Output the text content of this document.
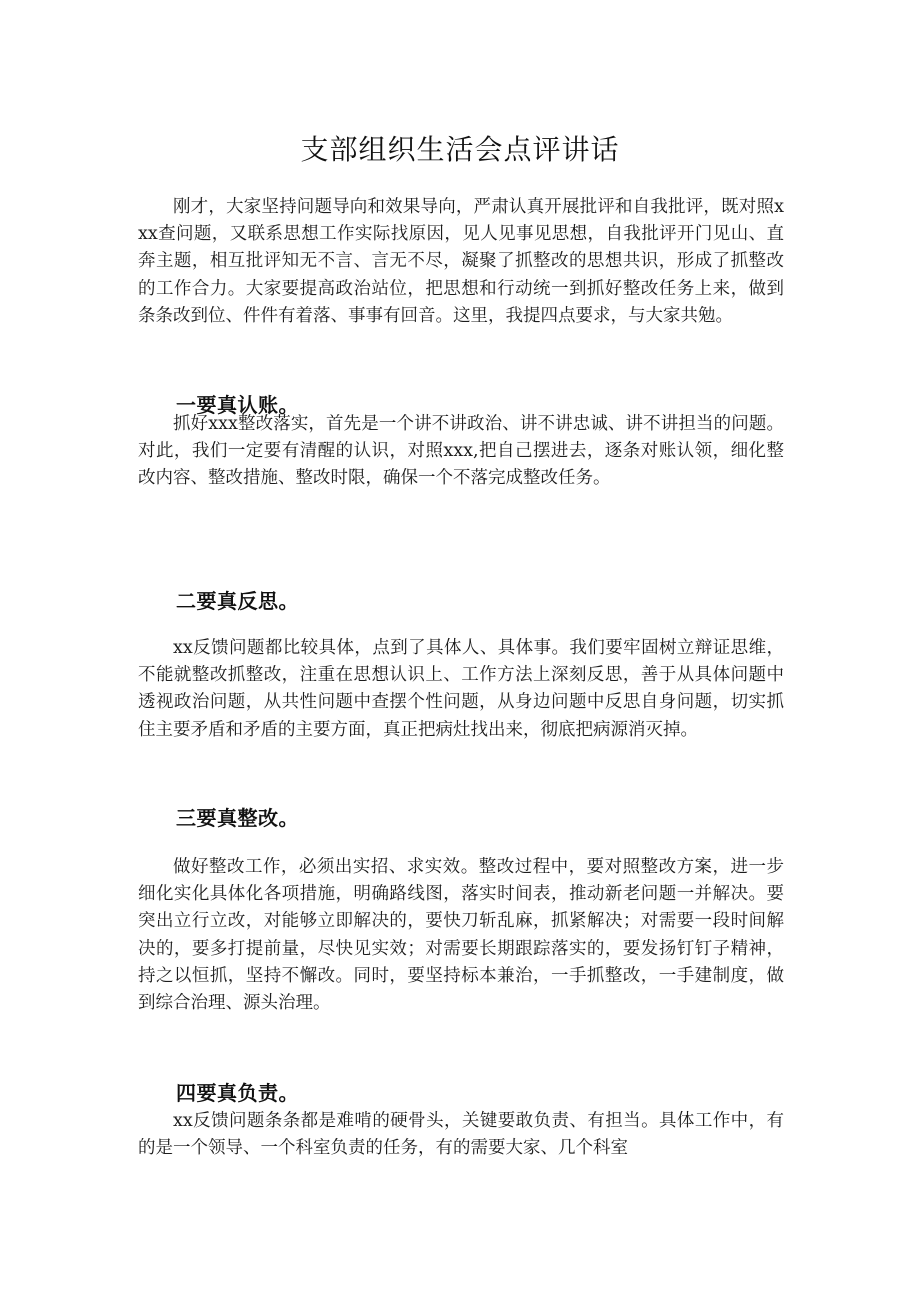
支部组织生活会点评讲话

刚才，大家坚持问题导向和效果导向，严肃认真开展批评和自我批评，既对照xxx查问题，又联系思想工作实际找原因，见人见事见思想，自我批评开门见山、直奔主题，相互批评知无不言、言无不尽，凝聚了抓整改的思想共识，形成了抓整改的工作合力。大家要提高政治站位，把思想和行动统一到抓好整改任务上来，做到条条改到位、件件有着落、事事有回音。这里，我提四点要求，与大家共勉。

一要真认账。

抓好xxx整改落实，首先是一个讲不讲政治、讲不讲忠诚、讲不讲担当的问题。对此，我们一定要有清醒的认识，对照xxx,把自己摆进去，逐条对账认领，细化整改内容、整改措施、整改时限，确保一个不落完成整改任务。

二要真反思。

xx反馈问题都比较具体，点到了具体人、具体事。我们要牢固树立辩证思维，不能就整改抓整改，注重在思想认识上、工作方法上深刻反思，善于从具体问题中透视政治问题，从共性问题中查摆个性问题，从身边问题中反思自身问题，切实抓住主要矛盾和矛盾的主要方面，真正把病灶找出来，彻底把病源消灭掉。

三要真整改。

做好整改工作，必须出实招、求实效。整改过程中，要对照整改方案，进一步细化实化具体化各项措施，明确路线图，落实时间表，推动新老问题一并解决。要突出立行立改，对能够立即解决的，要快刀斩乱麻，抓紧解决；对需要一段时间解决的，要多打提前量，尽快见实效；对需要长期跟踪落实的，要发扬钉钉子精神，持之以恒抓，坚持不懈改。同时，要坚持标本兼治，一手抓整改，一手建制度，做到综合治理、源头治理。

四要真负责。

xx反馈问题条条都是难啃的硬骨头，关键要敢负责、有担当。具体工作中，有的是一个领导、一个科室负责的任务，有的需要大家、几个科室
